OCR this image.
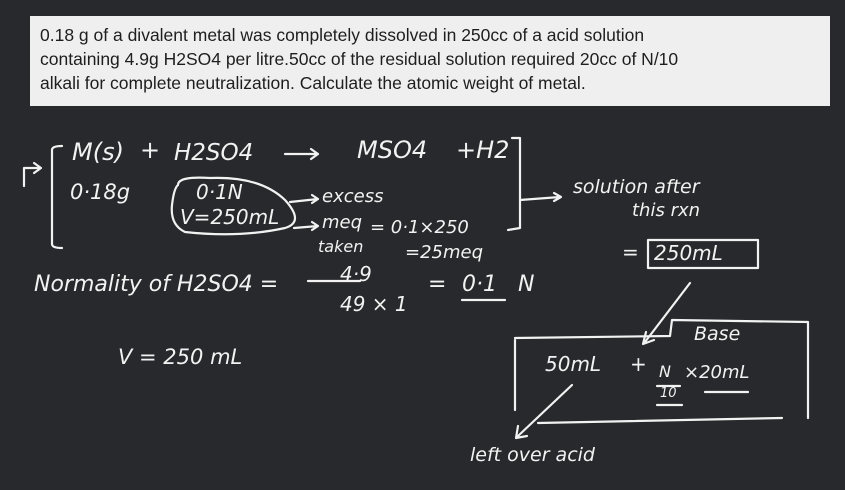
0.18 g of a divalent metal was completely dissolved in 250cc of a acid solution
containing 4.9g H2SO4 per litre.50cc of the residual solution required 20cc of N/10
alkali for complete neutralization. Calculate the atomic weight of metal.
M(s) + H2SO4	MSO4 +H2
0·18g	0·1N
V=250mL
excess
meq = 0·1×250
taken =25meq
solution after
this rxn
= 250mL
Normality of H2SO4 =	4·9
49 × 1
= 0·1 N
V = 250 mL
Base
50mL + N
10
×20mL
left over acid
